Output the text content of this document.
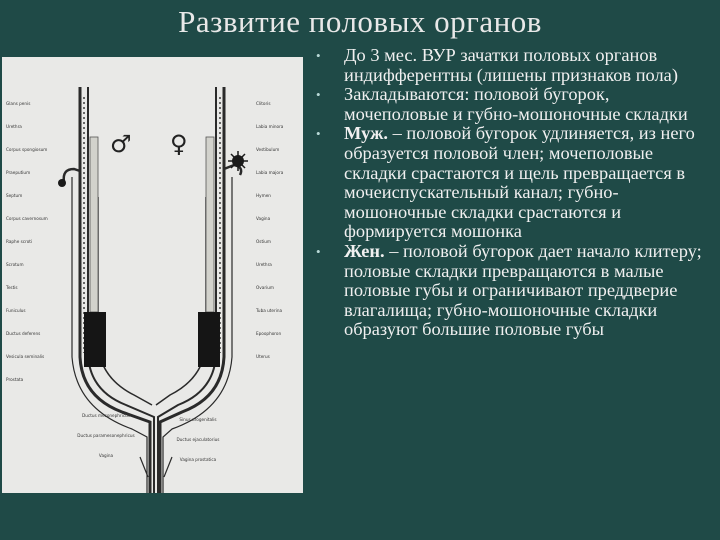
Развитие половых органов
♂ ♀
Glans penis
Urethra
Corpus spongiosum
Praeputium
Septum
Corpus cavernosum
Raphe scroti
Scrotum
Testis
Funiculus
Ductus deferens
Vesicula seminalis
Prostata
Clitoris
Labia minora
Vestibulum
Labia majora
Hymen
Vagina
Ostium
Urethra
Ovarium
Tuba uterina
Epoophoron
Uterus
Ductus mesonephricus
Sinus urogenitalis
Ductus paramesonephricus
Ductus ejaculatorius
Vagina
Vagina prostatica
• До 3 мес. ВУР зачатки половых органов индифферентны (лишены признаков пола)
• Закладываются: половой бугорок, мочеполовые и губно-мошоночные складки
• Муж. – половой бугорок удлиняется, из него образуется половой член; мочеполовые складки срастаются и щель превращается в мочеиспускательный канал; губно-мошоночные складки срастаются и формируется мошонка
• Жен. – половой бугорок дает начало клитеру; половые складки превращаются в малые половые губы и ограничивают преддверие влагалища; губно-мошоночные складки образуют большие половые губы
